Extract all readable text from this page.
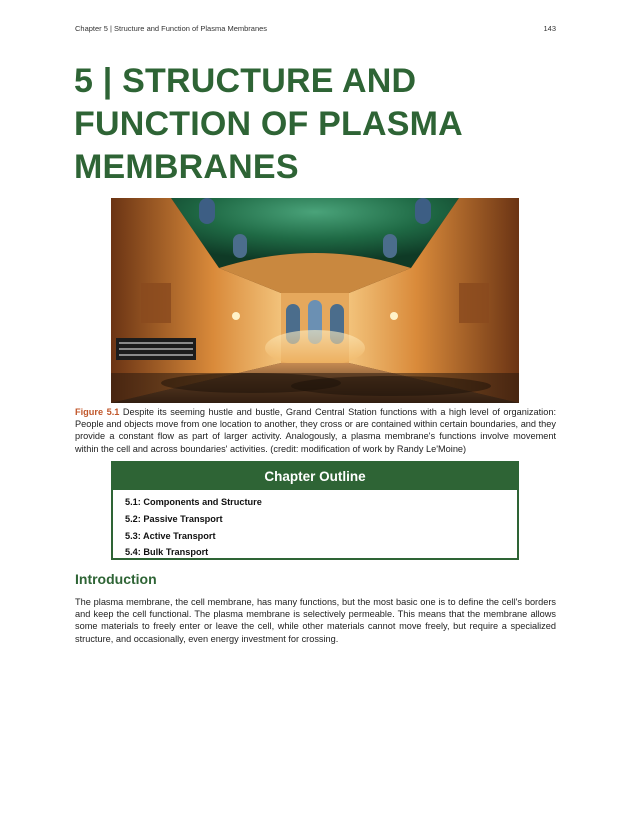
Chapter 5 | Structure and Function of Plasma Membranes	143
5 | STRUCTURE AND FUNCTION OF PLASMA MEMBRANES
Figure 5.1 Despite its seeming hustle and bustle, Grand Central Station functions with a high level of organization: People and objects move from one location to another, they cross or are contained within certain boundaries, and they provide a constant flow as part of larger activity. Analogously, a plasma membrane's functions involve movement within the cell and across boundaries' activities. (credit: modification of work by Randy Le'Moine)
Chapter Outline
5.1: Components and Structure
5.2: Passive Transport
5.3: Active Transport
5.4: Bulk Transport
Introduction

The plasma membrane, the cell membrane, has many functions, but the most basic one is to define the cell's borders and keep the cell functional. The plasma membrane is selectively permeable. This means that the membrane allows some materials to freely enter or leave the cell, while other materials cannot move freely, but require a specialized structure, and occasionally, even energy investment for crossing.
